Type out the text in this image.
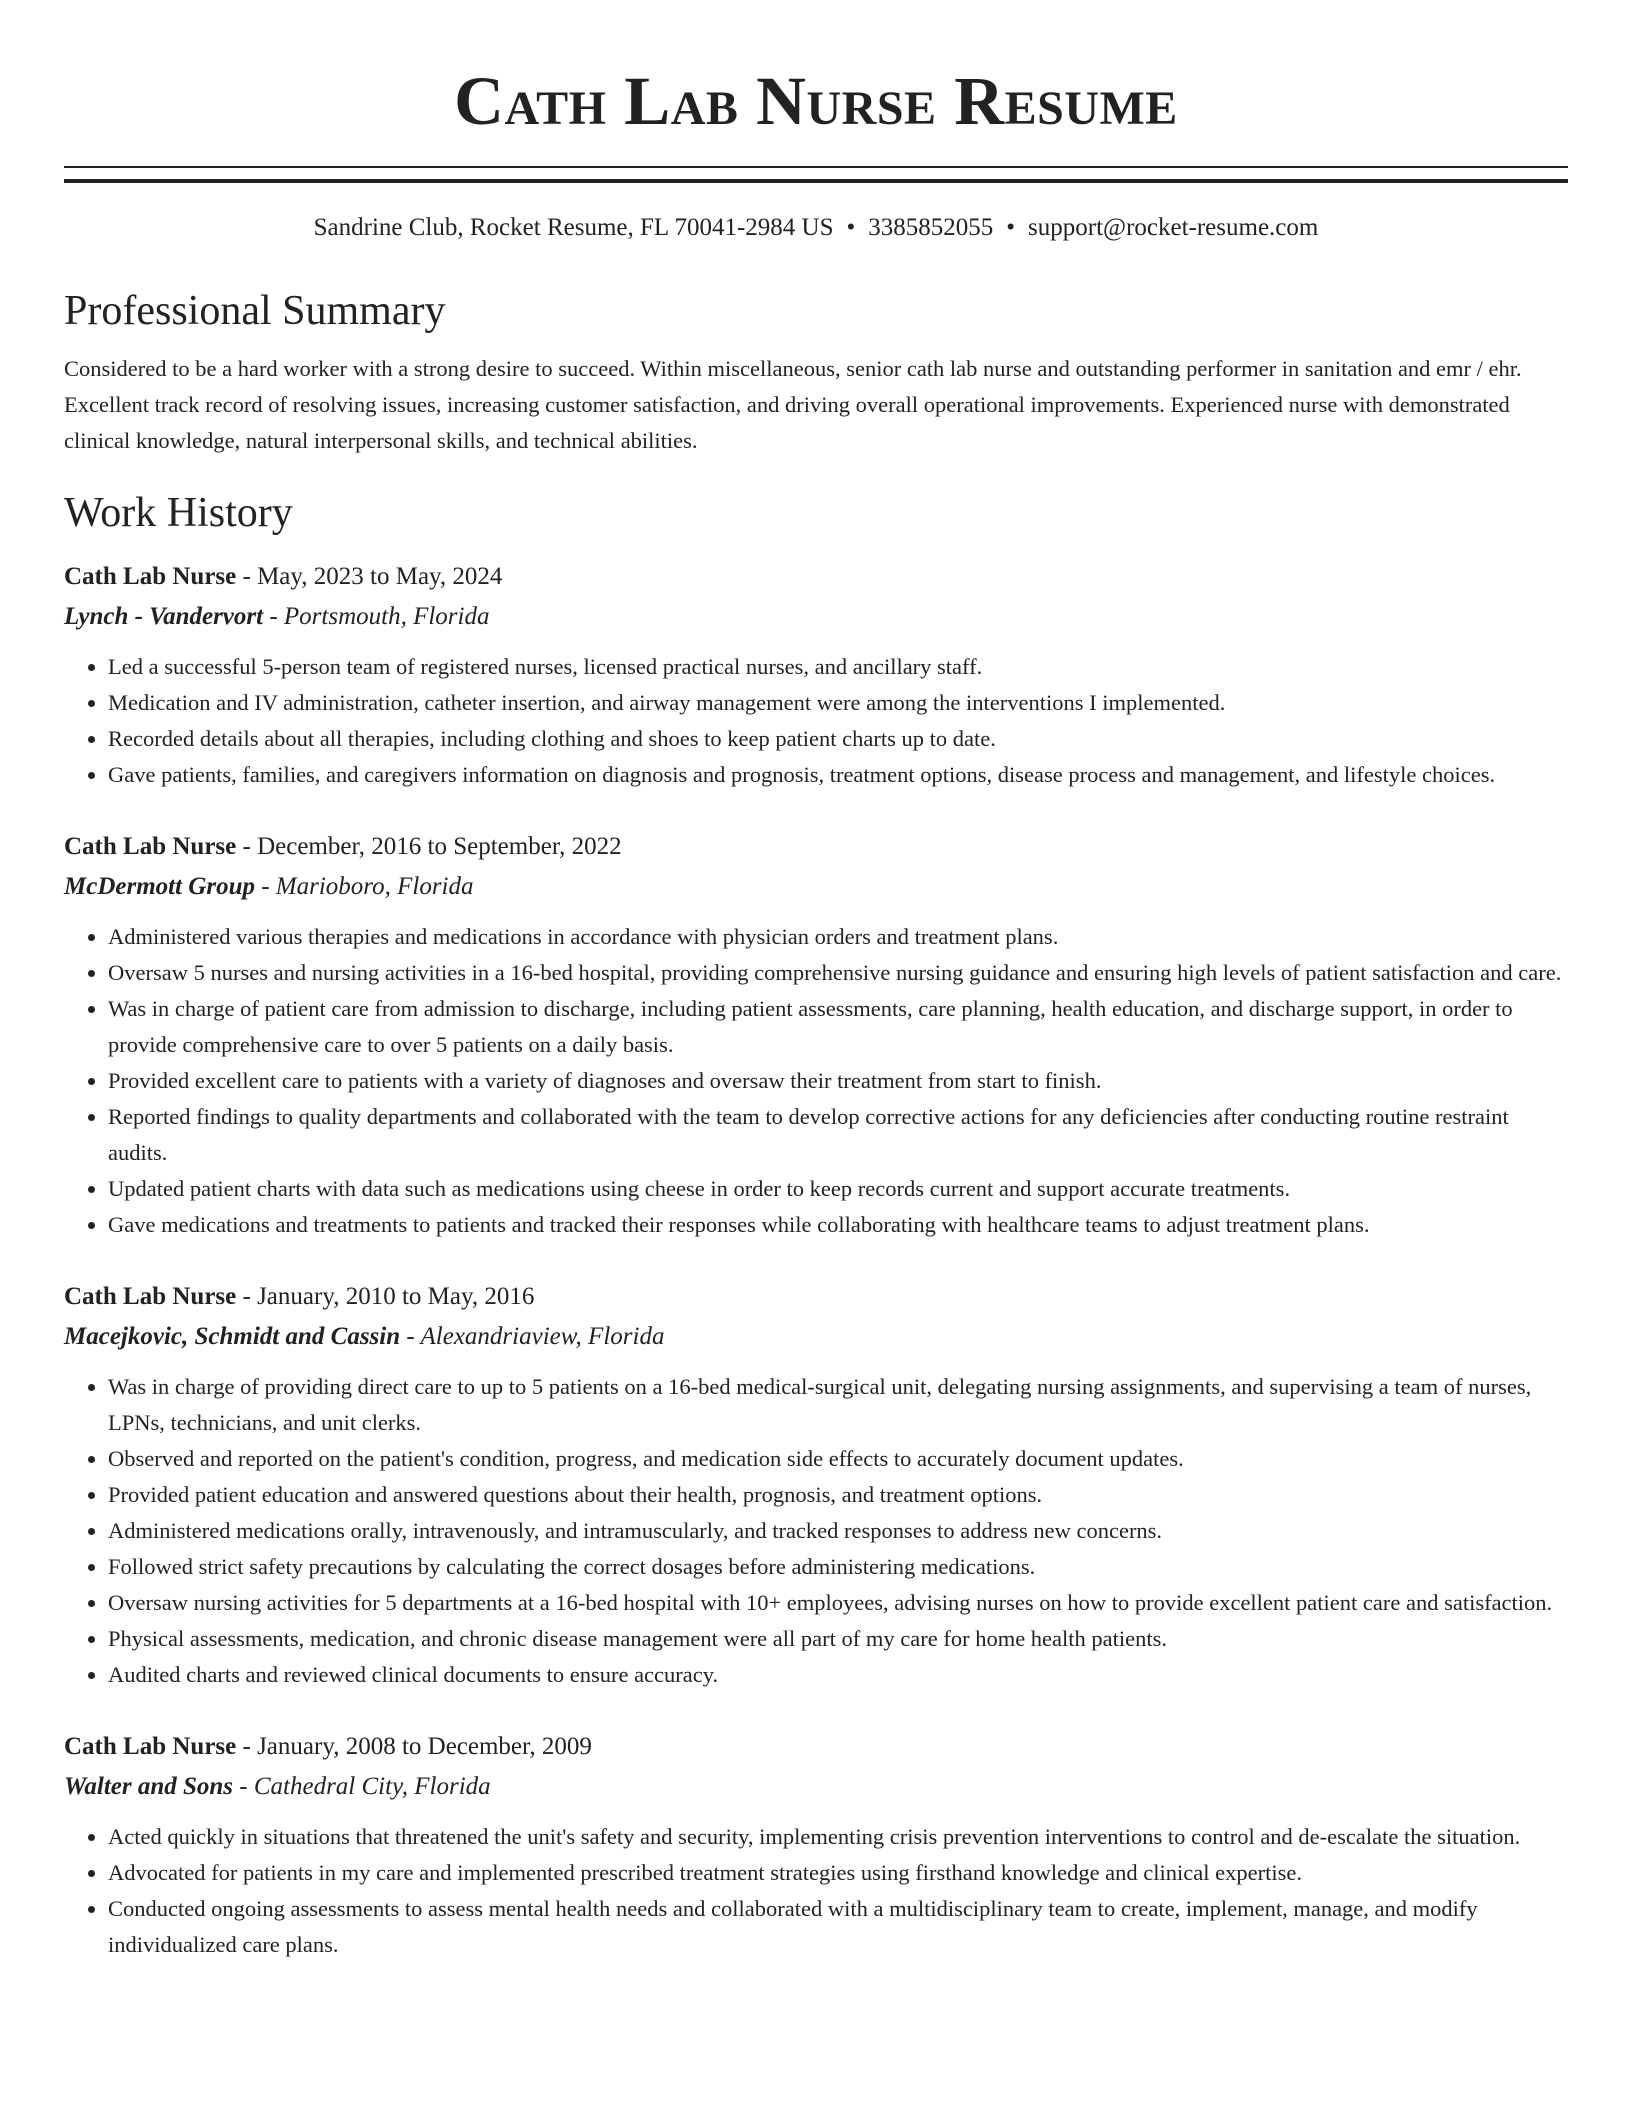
Cath Lab Nurse Resume
Sandrine Club, Rocket Resume, FL 70041-2984 US • 3385852055 • support@rocket-resume.com
Professional Summary
Considered to be a hard worker with a strong desire to succeed. Within miscellaneous, senior cath lab nurse and outstanding performer in sanitation and emr / ehr. Excellent track record of resolving issues, increasing customer satisfaction, and driving overall operational improvements. Experienced nurse with demonstrated clinical knowledge, natural interpersonal skills, and technical abilities.
Work History
Cath Lab Nurse - May, 2023 to May, 2024
Lynch - Vandervort - Portsmouth, Florida
• Led a successful 5-person team of registered nurses, licensed practical nurses, and ancillary staff.
• Medication and IV administration, catheter insertion, and airway management were among the interventions I implemented.
• Recorded details about all therapies, including clothing and shoes to keep patient charts up to date.
• Gave patients, families, and caregivers information on diagnosis and prognosis, treatment options, disease process and management, and lifestyle choices.
Cath Lab Nurse - December, 2016 to September, 2022
McDermott Group - Marioboro, Florida
• Administered various therapies and medications in accordance with physician orders and treatment plans.
• Oversaw 5 nurses and nursing activities in a 16-bed hospital, providing comprehensive nursing guidance and ensuring high levels of patient satisfaction and care.
• Was in charge of patient care from admission to discharge, including patient assessments, care planning, health education, and discharge support, in order to provide comprehensive care to over 5 patients on a daily basis.
• Provided excellent care to patients with a variety of diagnoses and oversaw their treatment from start to finish.
• Reported findings to quality departments and collaborated with the team to develop corrective actions for any deficiencies after conducting routine restraint audits.
• Updated patient charts with data such as medications using cheese in order to keep records current and support accurate treatments.
• Gave medications and treatments to patients and tracked their responses while collaborating with healthcare teams to adjust treatment plans.
Cath Lab Nurse - January, 2010 to May, 2016
Macejkovic, Schmidt and Cassin - Alexandriaview, Florida
• Was in charge of providing direct care to up to 5 patients on a 16-bed medical-surgical unit, delegating nursing assignments, and supervising a team of nurses, LPNs, technicians, and unit clerks.
• Observed and reported on the patient's condition, progress, and medication side effects to accurately document updates.
• Provided patient education and answered questions about their health, prognosis, and treatment options.
• Administered medications orally, intravenously, and intramuscularly, and tracked responses to address new concerns.
• Followed strict safety precautions by calculating the correct dosages before administering medications.
• Oversaw nursing activities for 5 departments at a 16-bed hospital with 10+ employees, advising nurses on how to provide excellent patient care and satisfaction.
• Physical assessments, medication, and chronic disease management were all part of my care for home health patients.
• Audited charts and reviewed clinical documents to ensure accuracy.
Cath Lab Nurse - January, 2008 to December, 2009
Walter and Sons - Cathedral City, Florida
• Acted quickly in situations that threatened the unit's safety and security, implementing crisis prevention interventions to control and de-escalate the situation.
• Advocated for patients in my care and implemented prescribed treatment strategies using firsthand knowledge and clinical expertise.
• Conducted ongoing assessments to assess mental health needs and collaborated with a multidisciplinary team to create, implement, manage, and modify individualized care plans.
